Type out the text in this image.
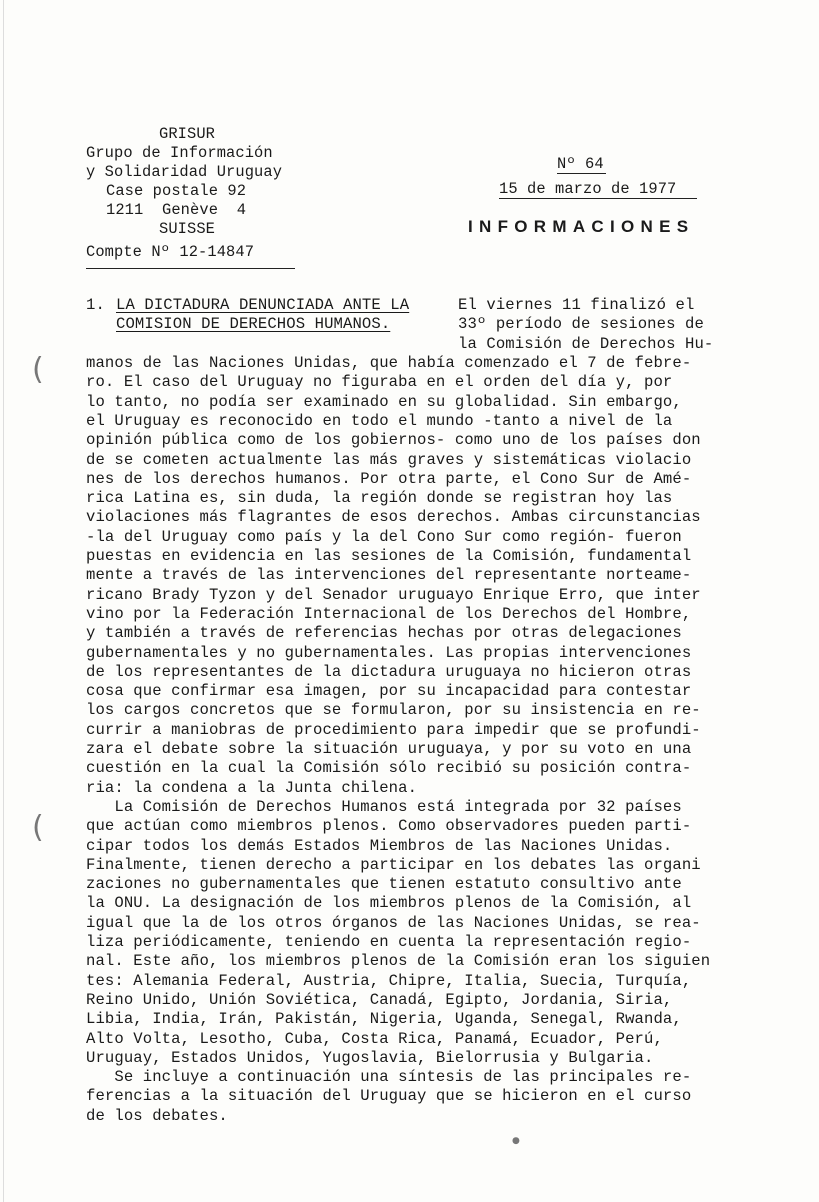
GRISUR
Grupo de Información
y Solidaridad Uruguay
Case postale 92
1211  Genève  4
SUISSE
Compte Nº 12-14847
Nº 64
15 de marzo de 1977
INFORMACIONES
1. LA DICTADURA DENUNCIADA ANTE LA
COMISION DE DERECHOS HUMANOS.
El viernes 11 finalizó el
33º período de sesiones de
la Comisión de Derechos Hu-
manos de las Naciones Unidas, que había comenzado el 7 de febre-
ro. El caso del Uruguay no figuraba en el orden del día y, por
lo tanto, no podía ser examinado en su globalidad. Sin embargo,
el Uruguay es reconocido en todo el mundo -tanto a nivel de la
opinión pública como de los gobiernos- como uno de los países don
de se cometen actualmente las más graves y sistemáticas violacio
nes de los derechos humanos. Por otra parte, el Cono Sur de Amé-
rica Latina es, sin duda, la región donde se registran hoy las
violaciones más flagrantes de esos derechos. Ambas circunstancias
-la del Uruguay como país y la del Cono Sur como región- fueron
puestas en evidencia en las sesiones de la Comisión, fundamental
mente a través de las intervenciones del representante norteame-
ricano Brady Tyzon y del Senador uruguayo Enrique Erro, que inter
vino por la Federación Internacional de los Derechos del Hombre,
y también a través de referencias hechas por otras delegaciones
gubernamentales y no gubernamentales. Las propias intervenciones
de los representantes de la dictadura uruguaya no hicieron otras
cosa que confirmar esa imagen, por su incapacidad para contestar
los cargos concretos que se formularon, por su insistencia en re-
currir a maniobras de procedimiento para impedir que se profundi-
zara el debate sobre la situación uruguaya, y por su voto en una
cuestión en la cual la Comisión sólo recibió su posición contra-
ria: la condena a la Junta chilena.
La Comisión de Derechos Humanos está integrada por 32 países
que actúan como miembros plenos. Como observadores pueden parti-
cipar todos los demás Estados Miembros de las Naciones Unidas.
Finalmente, tienen derecho a participar en los debates las organi
zaciones no gubernamentales que tienen estatuto consultivo ante
la ONU. La designación de los miembros plenos de la Comisión, al
igual que la de los otros órganos de las Naciones Unidas, se rea-
liza periódicamente, teniendo en cuenta la representación regio-
nal. Este año, los miembros plenos de la Comisión eran los siguien
tes: Alemania Federal, Austria, Chipre, Italia, Suecia, Turquía,
Reino Unido, Unión Soviética, Canadá, Egipto, Jordania, Siria,
Libia, India, Irán, Pakistán, Nigeria, Uganda, Senegal, Rwanda,
Alto Volta, Lesotho, Cuba, Costa Rica, Panamá, Ecuador, Perú,
Uruguay, Estados Unidos, Yugoslavia, Bielorrusia y Bulgaria.
Se incluye a continuación una síntesis de las principales re-
ferencias a la situación del Uruguay que se hicieron en el curso
de los debates.
(
(
●
